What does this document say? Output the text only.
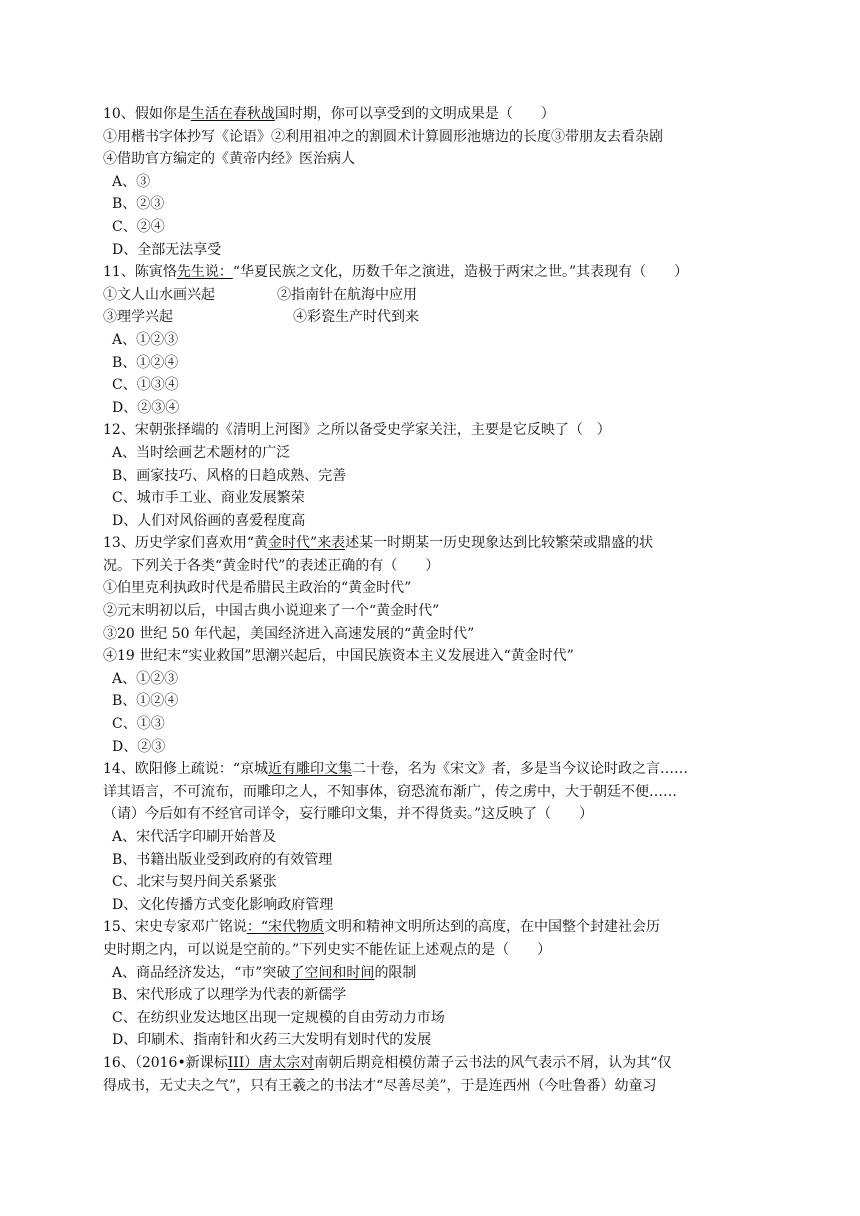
10、假如你是生活在春秋战国时期，你可以享受到的文明成果是（　　）
①用楷书字体抄写《论语》②利用祖冲之的割圆术计算圆形池塘边的长度③带朋友去看杂剧
④借助官方编定的《黄帝内经》医治病人
A、③
B、②③
C、②④
D、全部无法享受
11、陈寅恪先生说：“华夏民族之文化，历数千年之演进，造极于两宋之世。”其表现有（　　）
①文人山水画兴起	②指南针在航海中应用
③理学兴起	④彩瓷生产时代到来
A、①②③
B、①②④
C、①③④
D、②③④
12、宋朝张择端的《清明上河图》之所以备受史学家关注，主要是它反映了（　）
A、当时绘画艺术题材的广泛
B、画家技巧、风格的日趋成熟、完善
C、城市手工业、商业发展繁荣
D、人们对风俗画的喜爱程度高
13、历史学家们喜欢用“黄金时代”来表述某一时期某一历史现象达到比较繁荣或鼎盛的状
况。下列关于各类“黄金时代”的表述正确的有（　　）
①伯里克利执政时代是希腊民主政治的“黄金时代”
②元末明初以后，中国古典小说迎来了一个“黄金时代”
③20 世纪 50 年代起，美国经济进入高速发展的“黄金时代”
④19 世纪末“实业救国”思潮兴起后，中国民族资本主义发展进入“黄金时代”
A、①②③
B、①②④
C、①③
D、②③
14、欧阳修上疏说：“京城近有雕印文集二十卷，名为《宋文》者，多是当今议论时政之言……
详其语言，不可流布，而雕印之人，不知事体，窃恐流布渐广，传之虏中，大于朝廷不便……
（请）今后如有不经官司详令，妄行雕印文集，并不得货卖。”这反映了（　　）
A、宋代活字印刷开始普及
B、书籍出版业受到政府的有效管理
C、北宋与契丹间关系紧张
D、文化传播方式变化影响政府管理
15、宋史专家邓广铭说：“宋代物质文明和精神文明所达到的高度，在中国整个封建社会历
史时期之内，可以说是空前的。”下列史实不能佐证上述观点的是（　　）
A、商品经济发达，“市”突破了空间和时间的限制
B、宋代形成了以理学为代表的新儒学
C、在纺织业发达地区出现一定规模的自由劳动力市场
D、印刷术、指南针和火药三大发明有划时代的发展
16、（2016•新课标III）唐太宗对南朝后期竞相模仿萧子云书法的风气表示不屑，认为其“仅
得成书，无丈夫之气”，只有王羲之的书法才“尽善尽美”，于是连西州（今吐鲁番）幼童习
